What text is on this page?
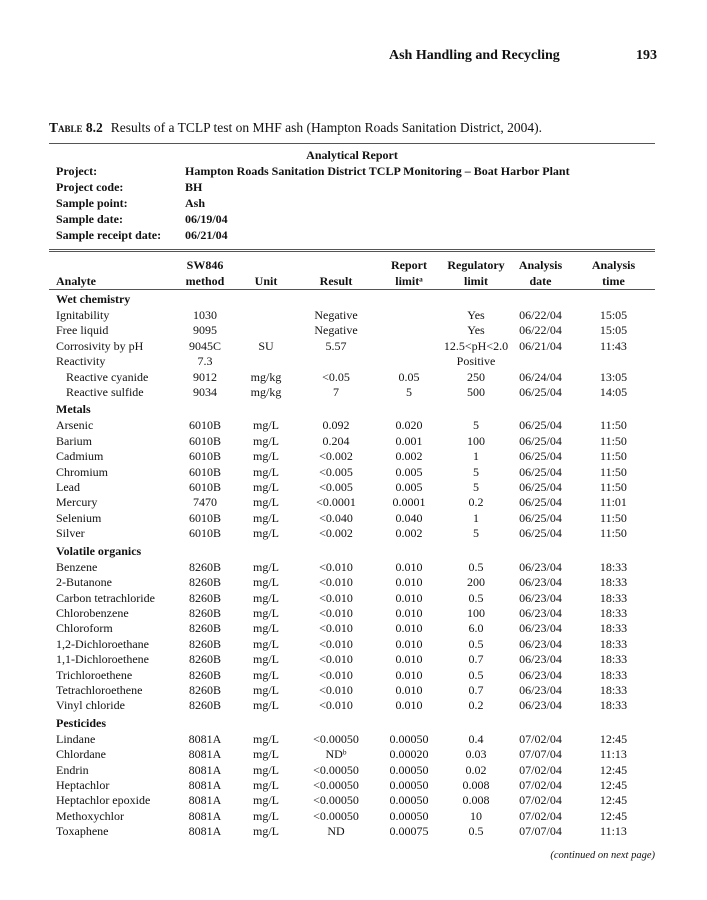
Ash Handling and Recycling	193
Table 8.2 Results of a TCLP test on MHF ash (Hampton Roads Sanitation District, 2004).
Analytical Report
Project:	Hampton Roads Sanitation District TCLP Monitoring – Boat Harbor Plant
Project code:	BH
Sample point:	Ash
Sample date:	06/19/04
Sample receipt date: 06/21/04
	SW846			Report	Regulatory	Analysis	Analysis
Analyte	method	Unit	Result	limitᵃ	limit	date	time
Wet chemistry							
Ignitability	1030		Negative		Yes	06/22/04	15:05
Free liquid	9095		Negative		Yes	06/22/04	15:05
Corrosivity by pH	9045C	SU	5.57		12.5<pH<2.0	06/21/04	11:43
Reactivity	7.3				Positive		
Reactive cyanide	9012	mg/kg	<0.05	0.05	250	06/24/04	13:05
Reactive sulfide	9034	mg/kg	7	5	500	06/25/04	14:05
Metals							
Arsenic	6010B	mg/L	0.092	0.020	5	06/25/04	11:50
Barium	6010B	mg/L	0.204	0.001	100	06/25/04	11:50
Cadmium	6010B	mg/L	<0.002	0.002	1	06/25/04	11:50
Chromium	6010B	mg/L	<0.005	0.005	5	06/25/04	11:50
Lead	6010B	mg/L	<0.005	0.005	5	06/25/04	11:50
Mercury	7470	mg/L	<0.0001	0.0001	0.2	06/25/04	11:01
Selenium	6010B	mg/L	<0.040	0.040	1	06/25/04	11:50
Silver	6010B	mg/L	<0.002	0.002	5	06/25/04	11:50
Volatile organics							
Benzene	8260B	mg/L	<0.010	0.010	0.5	06/23/04	18:33
2-Butanone	8260B	mg/L	<0.010	0.010	200	06/23/04	18:33
Carbon tetrachloride	8260B	mg/L	<0.010	0.010	0.5	06/23/04	18:33
Chlorobenzene	8260B	mg/L	<0.010	0.010	100	06/23/04	18:33
Chloroform	8260B	mg/L	<0.010	0.010	6.0	06/23/04	18:33
1,2-Dichloroethane	8260B	mg/L	<0.010	0.010	0.5	06/23/04	18:33
1,1-Dichloroethene	8260B	mg/L	<0.010	0.010	0.7	06/23/04	18:33
Trichloroethene	8260B	mg/L	<0.010	0.010	0.5	06/23/04	18:33
Tetrachloroethene	8260B	mg/L	<0.010	0.010	0.7	06/23/04	18:33
Vinyl chloride	8260B	mg/L	<0.010	0.010	0.2	06/23/04	18:33
Pesticides							
Lindane	8081A	mg/L	<0.00050	0.00050	0.4	07/02/04	12:45
Chlordane	8081A	mg/L	NDᵇ	0.00020	0.03	07/07/04	11:13
Endrin	8081A	mg/L	<0.00050	0.00050	0.02	07/02/04	12:45
Heptachlor	8081A	mg/L	<0.00050	0.00050	0.008	07/02/04	12:45
Heptachlor epoxide	8081A	mg/L	<0.00050	0.00050	0.008	07/02/04	12:45
Methoxychlor	8081A	mg/L	<0.00050	0.00050	10	07/02/04	12:45
Toxaphene	8081A	mg/L	ND	0.00075	0.5	07/07/04	11:13
(continued on next page)
